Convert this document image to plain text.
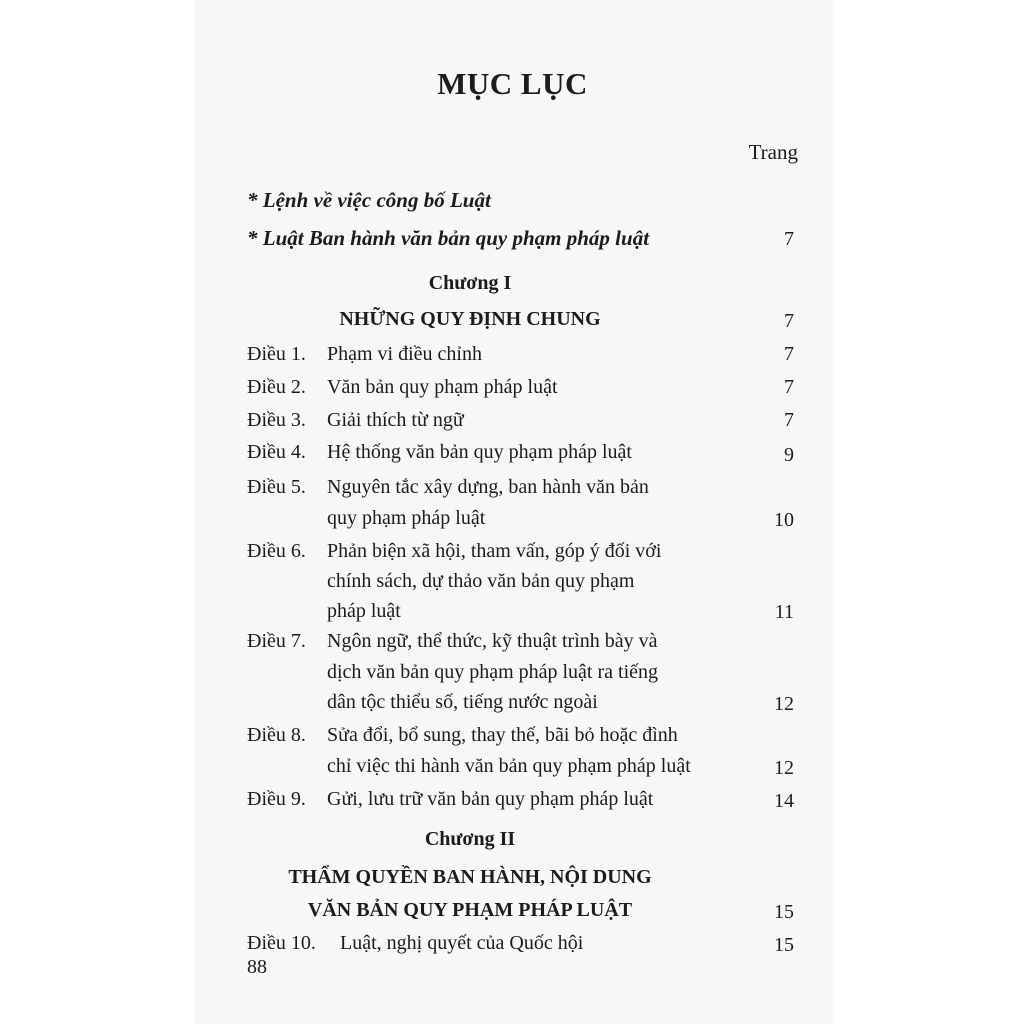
MỤC LỤC
Trang
* Lệnh về việc công bố Luật
* Luật Ban hành văn bản quy phạm pháp luật	7
Chương I
NHỮNG QUY ĐỊNH CHUNG	7
Điều 1. Phạm vi điều chỉnh	7
Điều 2. Văn bản quy phạm pháp luật	7
Điều 3. Giải thích từ ngữ	7
Điều 4. Hệ thống văn bản quy phạm pháp luật	9
Điều 5. Nguyên tắc xây dựng, ban hành văn bản
quy phạm pháp luật	10
Điều 6. Phản biện xã hội, tham vấn, góp ý đối với
chính sách, dự thảo văn bản quy phạm
pháp luật	11
Điều 7. Ngôn ngữ, thể thức, kỹ thuật trình bày và
dịch văn bản quy phạm pháp luật ra tiếng
dân tộc thiểu số, tiếng nước ngoài	12
Điều 8. Sửa đổi, bổ sung, thay thế, bãi bỏ hoặc đình
chỉ việc thi hành văn bản quy phạm pháp luật	12
Điều 9. Gửi, lưu trữ văn bản quy phạm pháp luật	14
Chương II
THẨM QUYỀN BAN HÀNH, NỘI DUNG
VĂN BẢN QUY PHẠM PHÁP LUẬT	15
Điều 10. Luật, nghị quyết của Quốc hội	15
88
